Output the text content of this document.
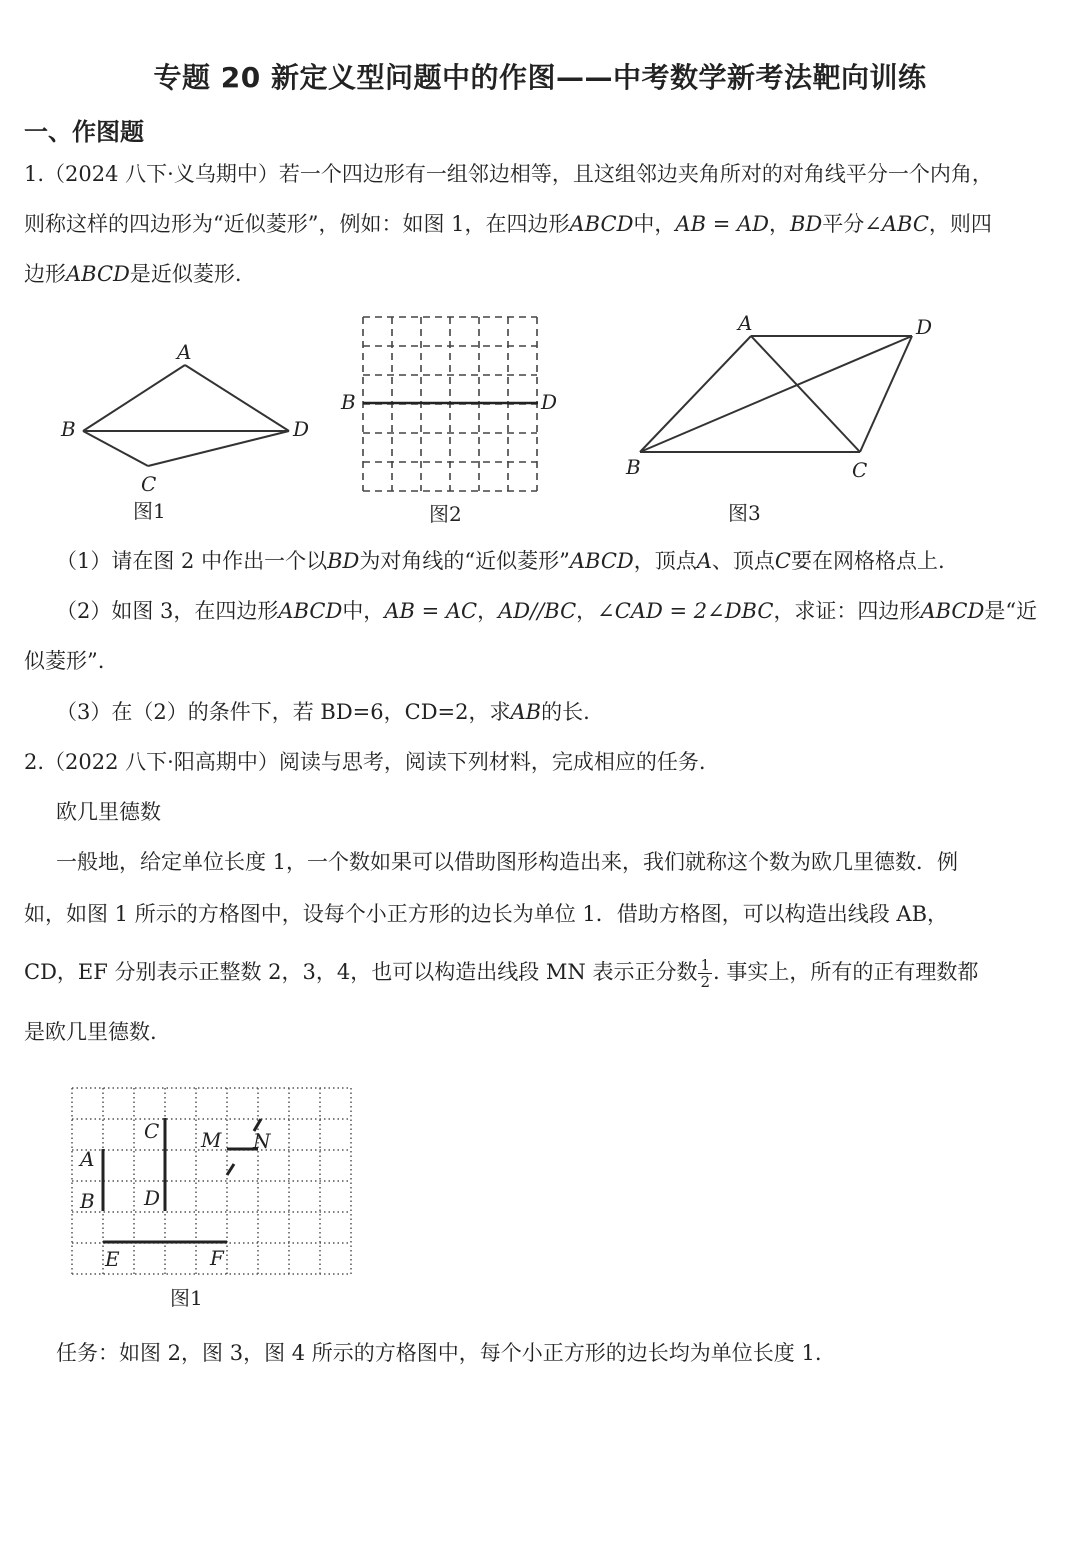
专题 20 新定义型问题中的作图——中考数学新考法靶向训练
一、作图题

1.（2024 八下·义乌期中）若一个四边形有一组邻边相等，且这组邻边夹角所对的对角线平分一个内角，

则称这样的四边形为“近似菱形”，例如：如图 1，在四边形ABCD中，AB = AD，BD平分∠ABC，则四

边形ABCD是近似菱形.

A
B	D
C
图1
B	D
图2
A	D
B	C
图3

（1）请在图 2 中作出一个以BD为对角线的“近似菱形”ABCD，顶点A、顶点C要在网格格点上.

（2）如图 3，在四边形ABCD中，AB = AC，AD//BC，∠CAD = 2∠DBC，求证：四边形ABCD是“近

似菱形”.

（3）在（2）的条件下，若 BD=6，CD=2，求AB的长.

2.（2022 八下·阳高期中）阅读与思考，阅读下列材料，完成相应的任务.

欧几里德数

一般地，给定单位长度 1，一个数如果可以借助图形构造出来，我们就称这个数为欧几里德数．例

如，如图 1 所示的方格图中，设每个小正方形的边长为单位 1．借助方格图，可以构造出线段 AB，

CD，EF 分别表示正整数 2，3，4，也可以构造出线段 MN 表示正分数 $\frac{1}{2}$ . 事实上，所有的正有理数都

是欧几里德数.

A
B
C
D
M N
E	F
图1

任务：如图 2，图 3，图 4 所示的方格图中，每个小正方形的边长均为单位长度 1.
